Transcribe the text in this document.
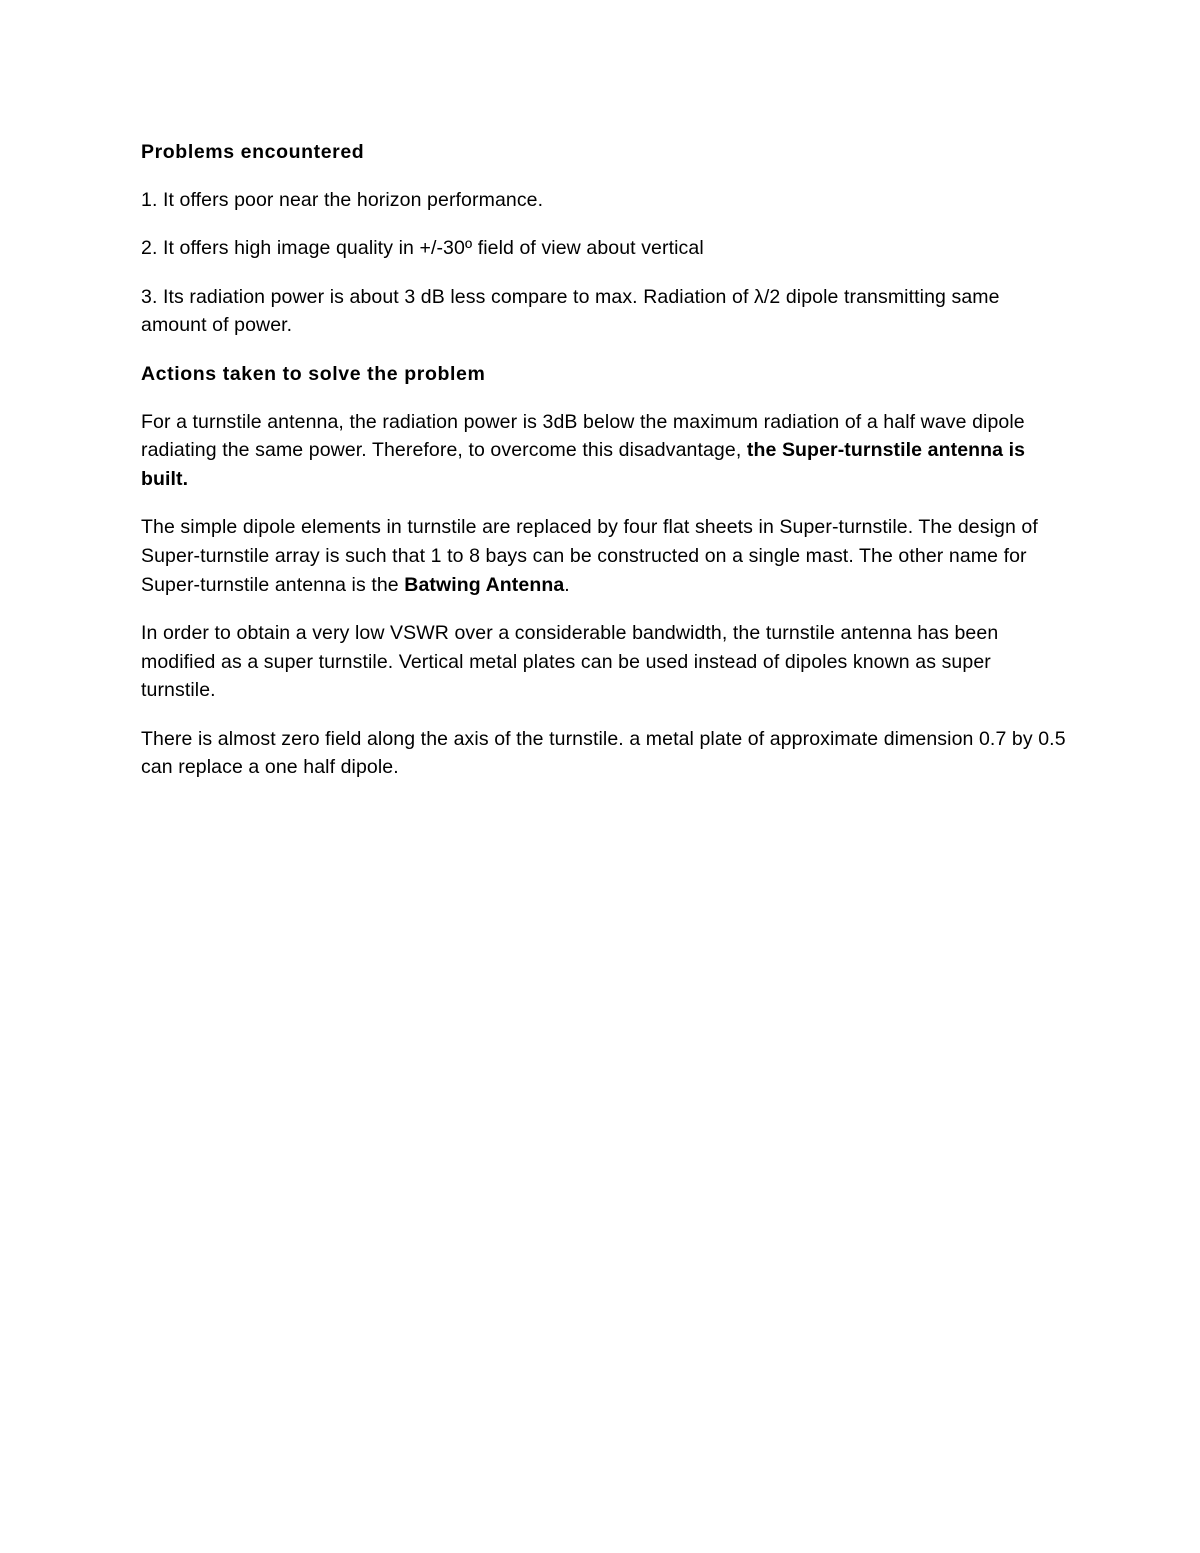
Problems encountered

1. It offers poor near the horizon performance.

2. It offers high image quality in +/-30º field of view about vertical

3. Its radiation power is about 3 dB less compare to max. Radiation of λ/2 dipole transmitting same amount of power.

Actions taken to solve the problem

For a turnstile antenna, the radiation power is 3dB below the maximum radiation of a half wave dipole radiating the same power. Therefore, to overcome this disadvantage, the Super-turnstile antenna is built.

The simple dipole elements in turnstile are replaced by four flat sheets in Super-turnstile. The design of Super-turnstile array is such that 1 to 8 bays can be constructed on a single mast. The other name for Super-turnstile antenna is the Batwing Antenna.

In order to obtain a very low VSWR over a considerable bandwidth, the turnstile antenna has been modified as a super turnstile. Vertical metal plates can be used instead of dipoles known as super turnstile.

There is almost zero field along the axis of the turnstile. a metal plate of approximate dimension 0.7 by 0.5 can replace a one half dipole.
